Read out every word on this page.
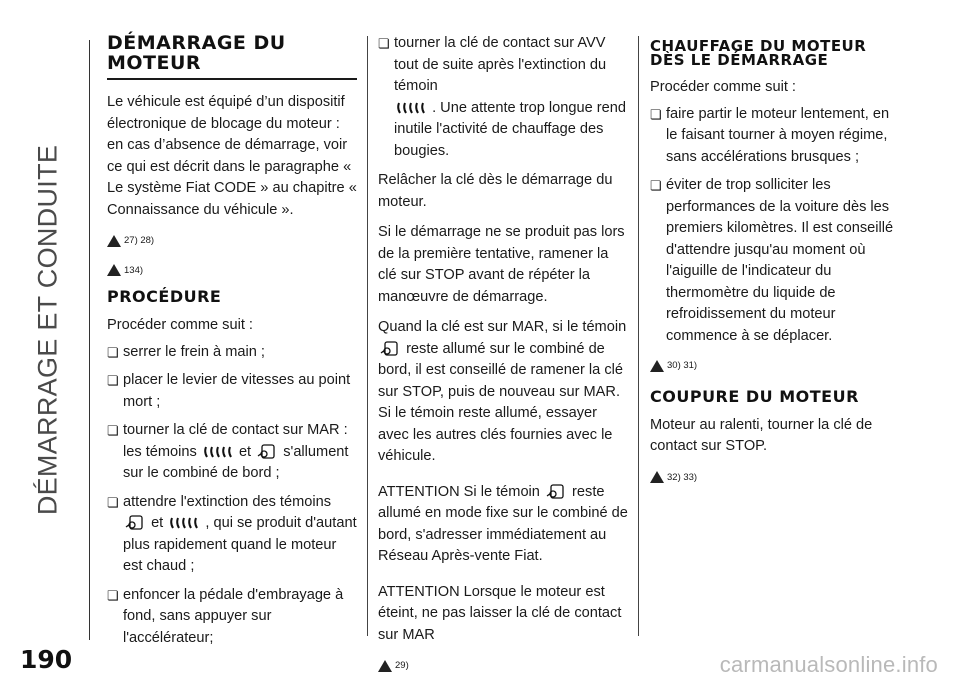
DÉMARRAGE ET CONDUITE
190	carmanualsonline.info
DÉMARRAGE DU MOTEUR

Le véhicule est équipé d’un dispositif électronique de blocage du moteur : en cas d’absence de démarrage, voir ce qui est décrit dans le paragraphe « Le système Fiat CODE » au chapitre « Connaissance du véhicule ».

27) 28)
134)
PROCÉDURE

Procéder comme suit :

❏ serrer le frein à main ;
❏ placer le levier de vitesses au point mort ;
❏ tourner la clé de contact sur MAR : les témoins	et s'allument sur le combiné de bord ;
❏ attendre l'extinction des témoins
et	, qui se produit d'autant plus rapidement quand le moteur est chaud ;
❏ enfoncer la pédale d'embrayage à fond, sans appuyer sur l'accélérateur;
❏ tourner la clé de contact sur AVV tout de suite après l'extinction du témoin
. Une attente trop longue rend inutile l'activité de chauffage des bougies.

Relâcher la clé dès le démarrage du moteur.

Si le démarrage ne se produit pas lors de la première tentative, ramener la clé sur STOP avant de répéter la manœuvre de démarrage.

Quand la clé est sur MAR, si le témoin
reste allumé sur le combiné de bord, il est conseillé de ramener la clé sur STOP, puis de nouveau sur MAR. Si le témoin reste allumé, essayer avec les autres clés fournies avec le véhicule.

ATTENTION Si le témoin reste allumé en mode fixe sur le combiné de bord, s'adresser immédiatement au Réseau Après-vente Fiat.

ATTENTION Lorsque le moteur est éteint, ne pas laisser la clé de contact sur MAR

29)
CHAUFFAGE DU MOTEUR DÈS LE DÉMARRAGE

Procéder comme suit :

❏ faire partir le moteur lentement, en le faisant tourner à moyen régime, sans accélérations brusques ;
❏ éviter de trop solliciter les performances de la voiture dès les premiers kilomètres. Il est conseillé d'attendre jusqu'au moment où l'aiguille de l'indicateur du thermomètre du liquide de refroidissement du moteur commence à se déplacer.
30) 31)
COUPURE DU MOTEUR

Moteur au ralenti, tourner la clé de contact sur STOP.

32) 33)
